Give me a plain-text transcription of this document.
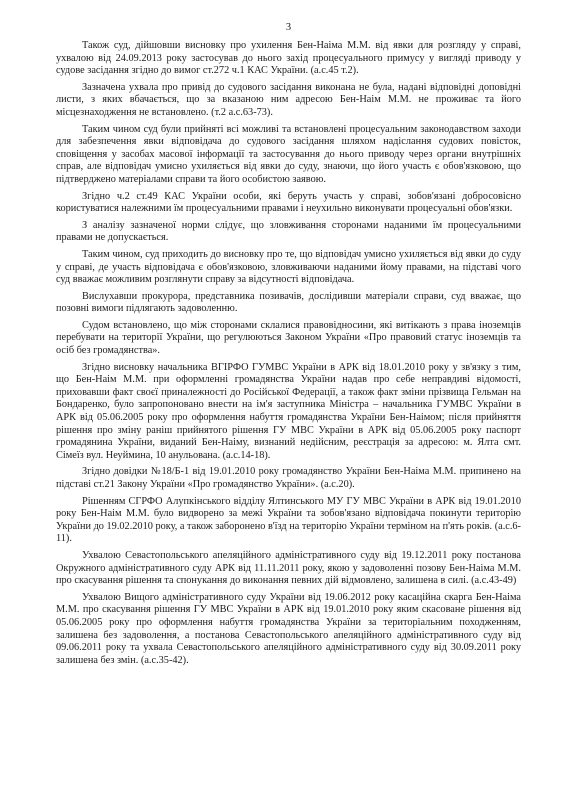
3

Також суд, дійшовши висновку про ухилення Бен-Наіма М.М. від явки для розгляду у справі, ухвалою від 24.09.2013 року застосував до нього захід процесуального примусу у вигляді приводу у судове засідання згідно до вимог ст.272 ч.1 КАС України. (а.с.45 т.2).

Зазначена ухвала про привід до судового засідання виконана не була, надані відповідні доповідні листи, з яких вбачається, що за вказаною ним адресою Бен-Наім М.М. не проживає та його місцезнаходження не встановлено. (т.2 а.с.63-73).

Таким чином суд були прийняті всі можливі та встановлені процесуальним законодавством заходи для забезпечення явки відповідача до судового засідання шляхом надіслання судових повісток, сповіщення у засобах масової інформації та застосування до нього приводу через органи внутрішніх справ, але відповідач умисно ухиляється від явки до суду, знаючи, що його участь є обов'язковою, що підтверджено матеріалами справи та його особистою заявою.

Згідно ч.2 ст.49 КАС України особи, які беруть участь у справі, зобов'язані добросовісно користуватися належними їм процесуальними правами і неухильно виконувати процесуальні обов'язки.

З аналізу зазначеної норми слідує, що зловживання сторонами наданими їм процесуальними правами не допускається.

Таким чином, суд приходить до висновку про те, що відповідач умисно ухиляється від явки до суду у справі, де участь відповідача є обов'язковою, зловживаючи наданими йому правами, на підставі чого суд вважає можливим розглянути справу за відсутності відповідача.

Вислухавши прокурора, представника позивачів, дослідивши матеріали справи, суд вважає, що позовні вимоги підлягають задоволенню.

Судом встановлено, що між сторонами склалися правовідносини, які витікають з права іноземців перебувати на території України, що регулюються Законом України «Про правовий статус іноземців та осіб без громадянства».

Згідно висновку начальника ВГІРФО ГУМВС України в АРК від 18.01.2010 року у зв'язку з тим, що Бен-Наім М.М. при оформленні громадянства України надав про себе неправдиві відомості, приховавши факт своєї приналежності до Російської Федерації, а також факт зміни прізвища Гельман на Бондаренко, було запропоновано внести на ім'я заступника Міністра – начальника ГУМВС України в АРК від 05.06.2005 року про оформлення набуття громадянства України Бен-Наімом; після прийняття рішення про зміну раніш прийнятого рішення ГУ МВС України в АРК від 05.06.2005 року паспорт громадянина України, виданий Бен-Наіму, визнаний недійсним, реєстрація за адресою: м. Ялта смт. Сімеїз вул. Неуймина, 10 анульована. (а.с.14-18).

Згідно довідки №18/Б-1 від 19.01.2010 року громадянство України Бен-Наіма М.М. припинено на підставі ст.21 Закону України «Про громадянство України». (а.с.20).

Рішенням СГРФО Алупкінського відділу Ялтинського МУ ГУ МВС України в АРК від 19.01.2010 року Бен-Наім М.М. було видворено за межі України та зобов'язано відповідача покинути територію України до 19.02.2010 року, а також заборонено в'їзд на територію України терміном на п'ять років. (а.с.6-11).

Ухвалою Севастопольського апеляційного адміністративного суду від 19.12.2011 року постанова Окружного адміністративного суду АРК від 11.11.2011 року, якою у задоволенні позову Бен-Наіма М.М. про скасування рішення та спонукання до виконання певних дій відмовлено, залишена в силі. (а.с.43-49)

Ухвалою Вищого адміністративного суду України від 19.06.2012 року касаційна скарга Бен-Наіма М.М. про скасування рішення ГУ МВС України в АРК від 19.01.2010 року яким скасоване рішення від 05.06.2005 року про оформлення набуття громадянства України за територіальним походженням, залишена без задоволення, а постанова Севастопольського апеляційного адміністративного суду від 09.06.2011 року та ухвала Севастопольського апеляційного адміністративного суду від 30.09.2011 року залишена без змін. (а.с.35-42).
